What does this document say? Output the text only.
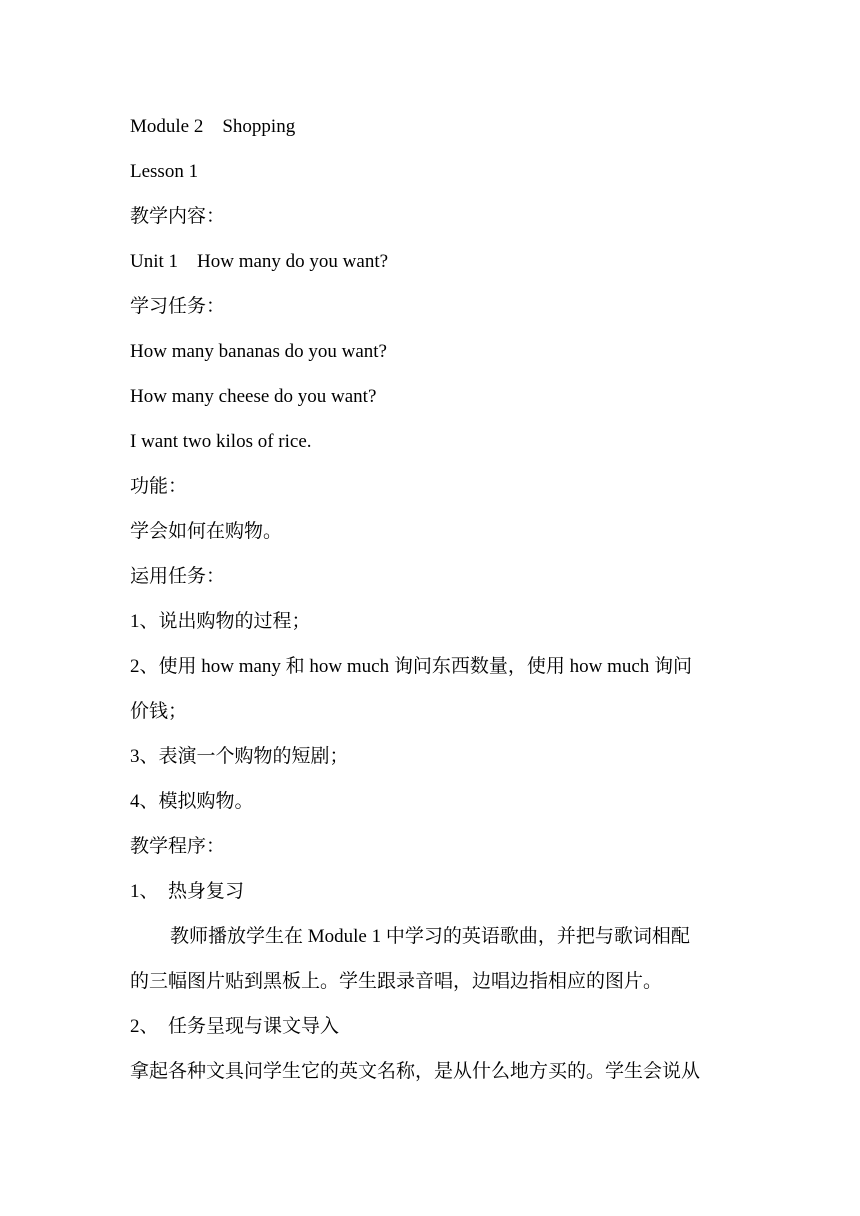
Module 2　Shopping
Lesson 1
教学内容：
Unit 1　How many do you want?
学习任务：
How many bananas do you want?
How many cheese do you want?
I want two kilos of rice.
功能：
学会如何在购物。
运用任务：
1、说出购物的过程；
2、使用 how many 和 how much 询问东西数量，使用 how much 询问
价钱；
3、表演一个购物的短剧；
4、模拟购物。
教学程序：
1、　热身复习
教师播放学生在 Module 1 中学习的英语歌曲，并把与歌词相配
的三幅图片贴到黑板上。学生跟录音唱，边唱边指相应的图片。
2、　任务呈现与课文导入
拿起各种文具问学生它的英文名称，是从什么地方买的。学生会说从
